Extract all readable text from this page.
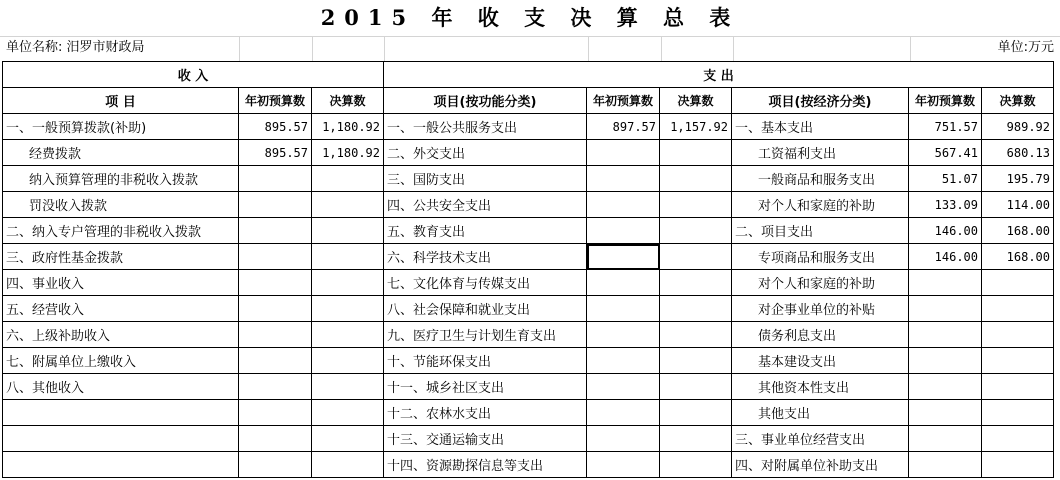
2015 年 收 支 决 算 总 表
单位名称: 汨罗市财政局	单位:万元
收 入			支 出					
项 目	年初预算数	决算数	项目(按功能分类)	年初预算数	决算数	项目(按经济分类)	年初预算数	决算数
一、一般预算拨款(补助)	895.57	1,180.92	一、一般公共服务支出	897.57	1,157.92	一、基本支出	751.57	989.92
经费拨款	895.57	1,180.92	二、外交支出			工资福利支出	567.41	680.13
纳入预算管理的非税收入拨款			三、国防支出			一般商品和服务支出	51.07	195.79
罚没收入拨款			四、公共安全支出			对个人和家庭的补助	133.09	114.00
二、纳入专户管理的非税收入拨款			五、教育支出			二、项目支出	146.00	168.00
三、政府性基金拨款			六、科学技术支出			专项商品和服务支出	146.00	168.00
四、事业收入			七、文化体育与传媒支出			对个人和家庭的补助		
五、经营收入			八、社会保障和就业支出			对企事业单位的补贴		
六、上级补助收入			九、医疗卫生与计划生育支出			债务利息支出		
七、附属单位上缴收入			十、节能环保支出			基本建设支出		
八、其他收入			十一、城乡社区支出			其他资本性支出		
			十二、农林水支出			其他支出		
			十三、交通运输支出			三、事业单位经营支出		
			十四、资源勘探信息等支出			四、对附属单位补助支出		
